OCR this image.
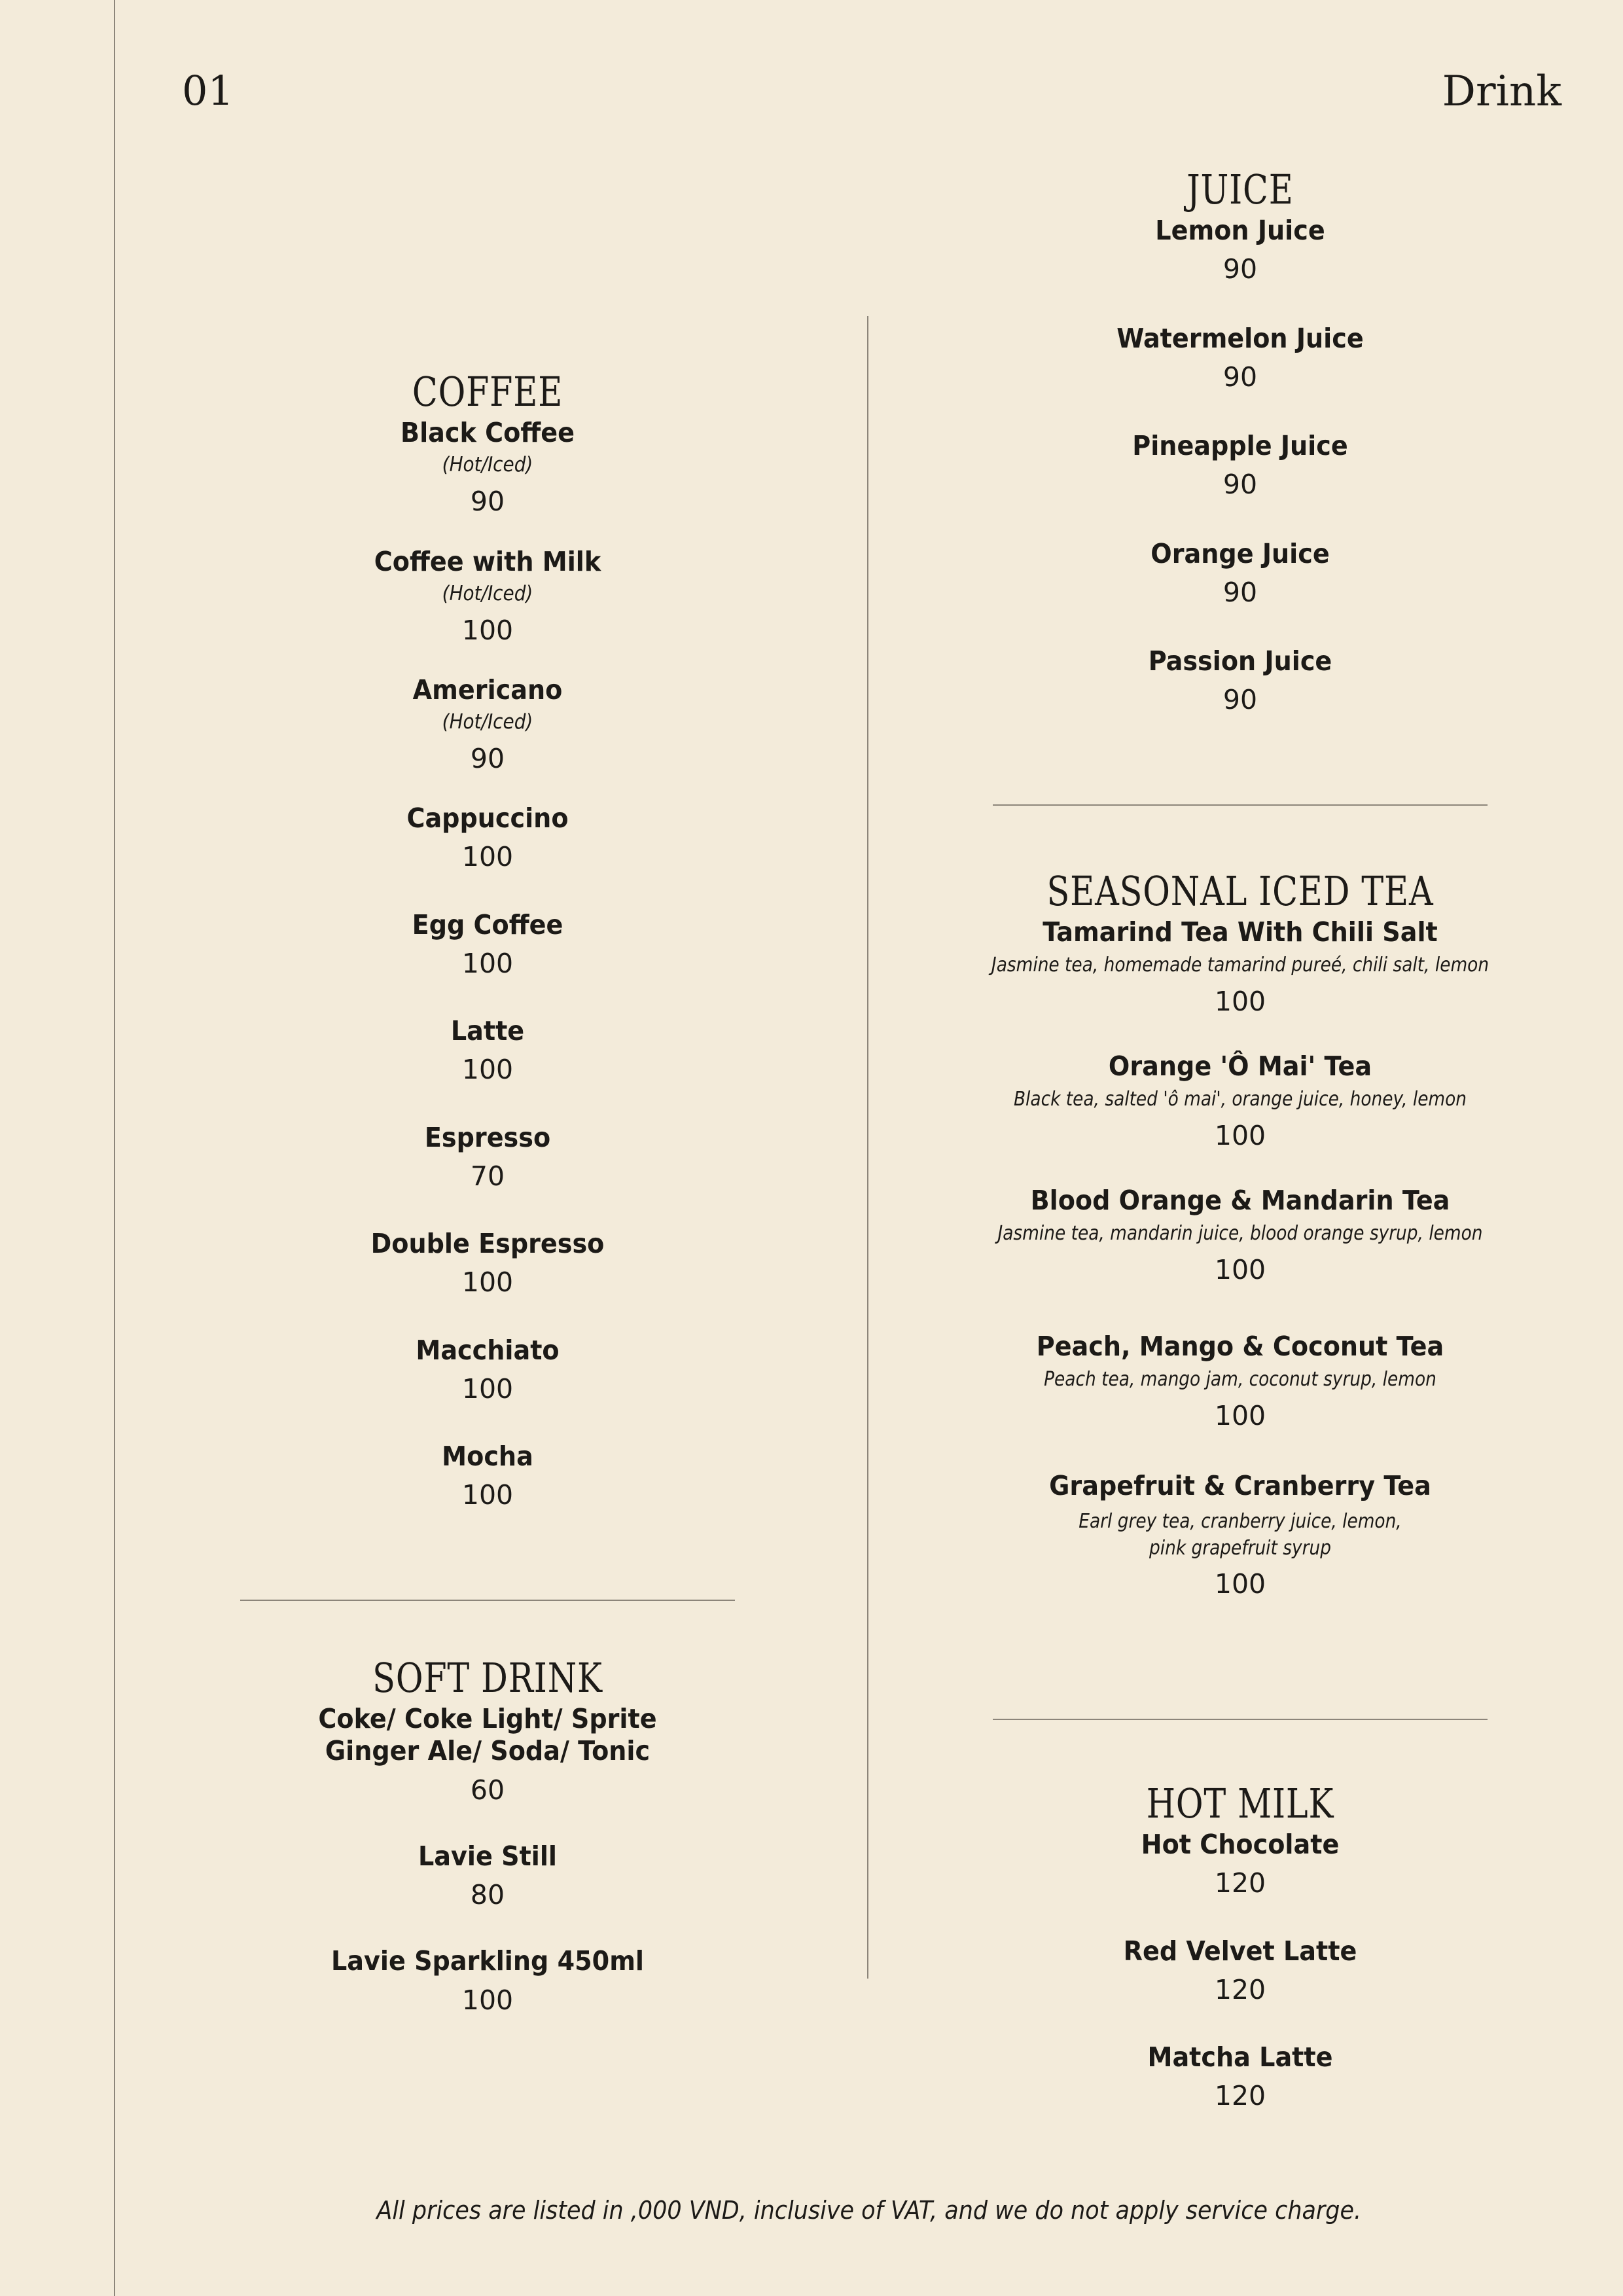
01	Drink
COFFEE
Black Coffee
(Hot/Iced)
90
Coffee with Milk
(Hot/Iced)
100
Americano
(Hot/Iced)
90
Cappuccino
100
Egg Coffee
100
Latte
100
Espresso
70
Double Espresso
100
Macchiato
100
Mocha
100
SOFT DRINK
Coke/ Coke Light/ Sprite
Ginger Ale/ Soda/ Tonic
60
Lavie Still
80
Lavie Sparkling 450ml
100
JUICE
Lemon Juice
90
Watermelon Juice
90
Pineapple Juice
90
Orange Juice
90
Passion Juice
90
SEASONAL ICED TEA
Tamarind Tea With Chili Salt
Jasmine tea, homemade tamarind pureé, chili salt, lemon
100
Orange 'Ô Mai' Tea
Black tea, salted 'ô mai', orange juice, honey, lemon
100
Blood Orange & Mandarin Tea
Jasmine tea, mandarin juice, blood orange syrup, lemon
100
Peach, Mango & Coconut Tea
Peach tea, mango jam, coconut syrup, lemon
100
Grapefruit & Cranberry Tea
Earl grey tea, cranberry juice, lemon,
pink grapefruit syrup
100
HOT MILK
Hot Chocolate
120
Red Velvet Latte
120
Matcha Latte
120
All prices are listed in ,000 VND, inclusive of VAT, and we do not apply service charge.
